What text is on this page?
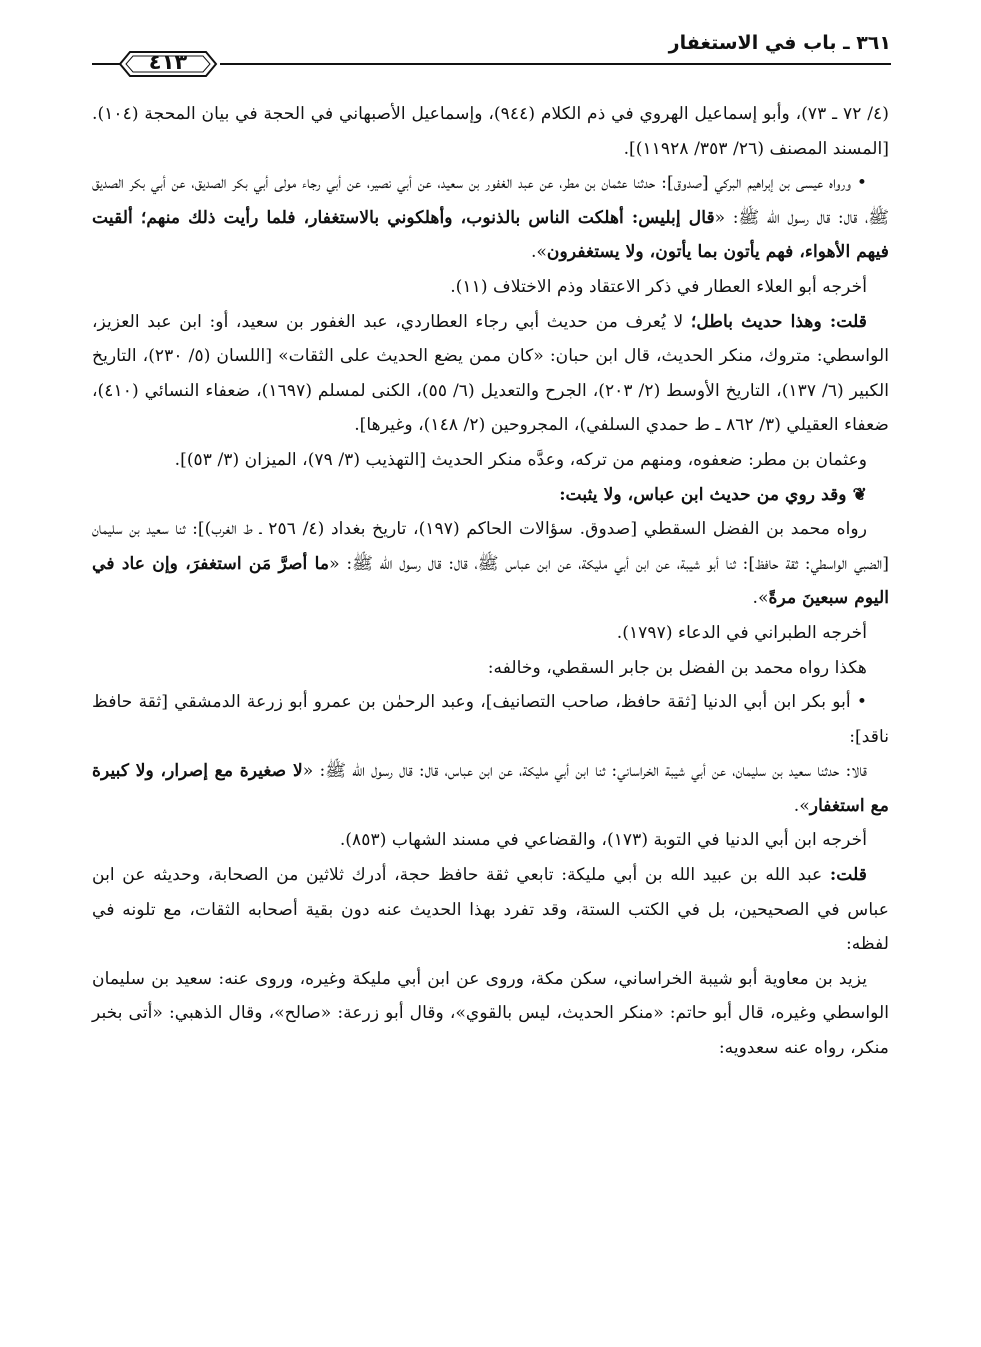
٣٦١ ـ باب في الاستغفار
٤١٣

(٤/ ٧٢ ـ ٧٣)، وأبو إسماعيل الهروي في ذم الكلام (٩٤٤)، وإسماعيل الأصبهاني في الحجة في بيان المحجة (١٠٤). [المسند المصنف (٢٦/ ٣٥٣/ ١١٩٢٨)].

• ورواه عيسى بن إبراهيم البركي [صدوق]: حدثنا عثمان بن مطر، عن عبد الغفور بن سعيد، عن أبي نصير، عن أبي رجاء مولى أبي بكر الصديق، عن أبي بكر الصديق ﷺ، قال: قال رسول الله ﷺ: «قال إبليس: أهلكت الناس بالذنوب، وأهلكوني بالاستغفار، فلما رأيت ذلك منهم؛ ألقيت فيهم الأهواء، فهم يأتون بما يأتون، ولا يستغفرون».

أخرجه أبو العلاء العطار في ذكر الاعتقاد وذم الاختلاف (١١).

قلت: وهذا حديث باطل؛ لا يُعرف من حديث أبي رجاء العطاردي، عبد الغفور بن سعيد، أو: ابن عبد العزيز، الواسطي: متروك، منكر الحديث، قال ابن حبان: «كان ممن يضع الحديث على الثقات» [اللسان (٥/ ٢٣٠)، التاريخ الكبير (٦/ ١٣٧)، التاريخ الأوسط (٢/ ٢٠٣)، الجرح والتعديل (٦/ ٥٥)، الكنى لمسلم (١٦٩٧)، ضعفاء النسائي (٤١٠)، ضعفاء العقيلي (٣/ ٨٦٢ ـ ط حمدي السلفي)، المجروحين (٢/ ١٤٨)، وغيرها].

وعثمان بن مطر: ضعفوه، ومنهم من تركه، وعدَّه منكر الحديث [التهذيب (٣/ ٧٩)، الميزان (٣/ ٥٣)].

❦ وقد روي من حديث ابن عباس، ولا يثبت:

رواه محمد بن الفضل السقطي [صدوق. سؤالات الحاكم (١٩٧)، تاريخ بغداد (٤/ ٢٥٦ ـ ط الغرب)]: ثنا سعيد بن سليمان [الضبي الواسطي: ثقة حافظ]: ثنا أبو شيبة، عن ابن أبي مليكة، عن ابن عباس ﷺ، قال: قال رسول الله ﷺ: «ما أصرَّ مَن استغفرَ، وإن عاد في اليوم سبعينَ مرةً».

أخرجه الطبراني في الدعاء (١٧٩٧).

هكذا رواه محمد بن الفضل بن جابر السقطي، وخالفه:

• أبو بكر ابن أبي الدنيا [ثقة حافظ، صاحب التصانيف]، وعبد الرحمٰن بن عمرو أبو زرعة الدمشقي [ثقة حافظ ناقد]:

قالا: حدثنا سعيد بن سليمان، عن أبي شيبة الخراساني: ثنا ابن أبي مليكة، عن ابن عباس، قال: قال رسول الله ﷺ: «لا صغيرة مع إصرار، ولا كبيرة مع استغفار».

أخرجه ابن أبي الدنيا في التوبة (١٧٣)، والقضاعي في مسند الشهاب (٨٥٣).

قلت: عبد الله بن عبيد الله بن أبي مليكة: تابعي ثقة حافظ حجة، أدرك ثلاثين من الصحابة، وحديثه عن ابن عباس في الصحيحين، بل في الكتب الستة، وقد تفرد بهذا الحديث عنه دون بقية أصحابه الثقات، مع تلونه في لفظه:

يزيد بن معاوية أبو شيبة الخراساني، سكن مكة، وروى عن ابن أبي مليكة وغيره، وروى عنه: سعيد بن سليمان الواسطي وغيره، قال أبو حاتم: «منكر الحديث، ليس بالقوي»، وقال أبو زرعة: «صالح»، وقال الذهبي: «أتى بخبر منكر، رواه عنه سعدويه:
